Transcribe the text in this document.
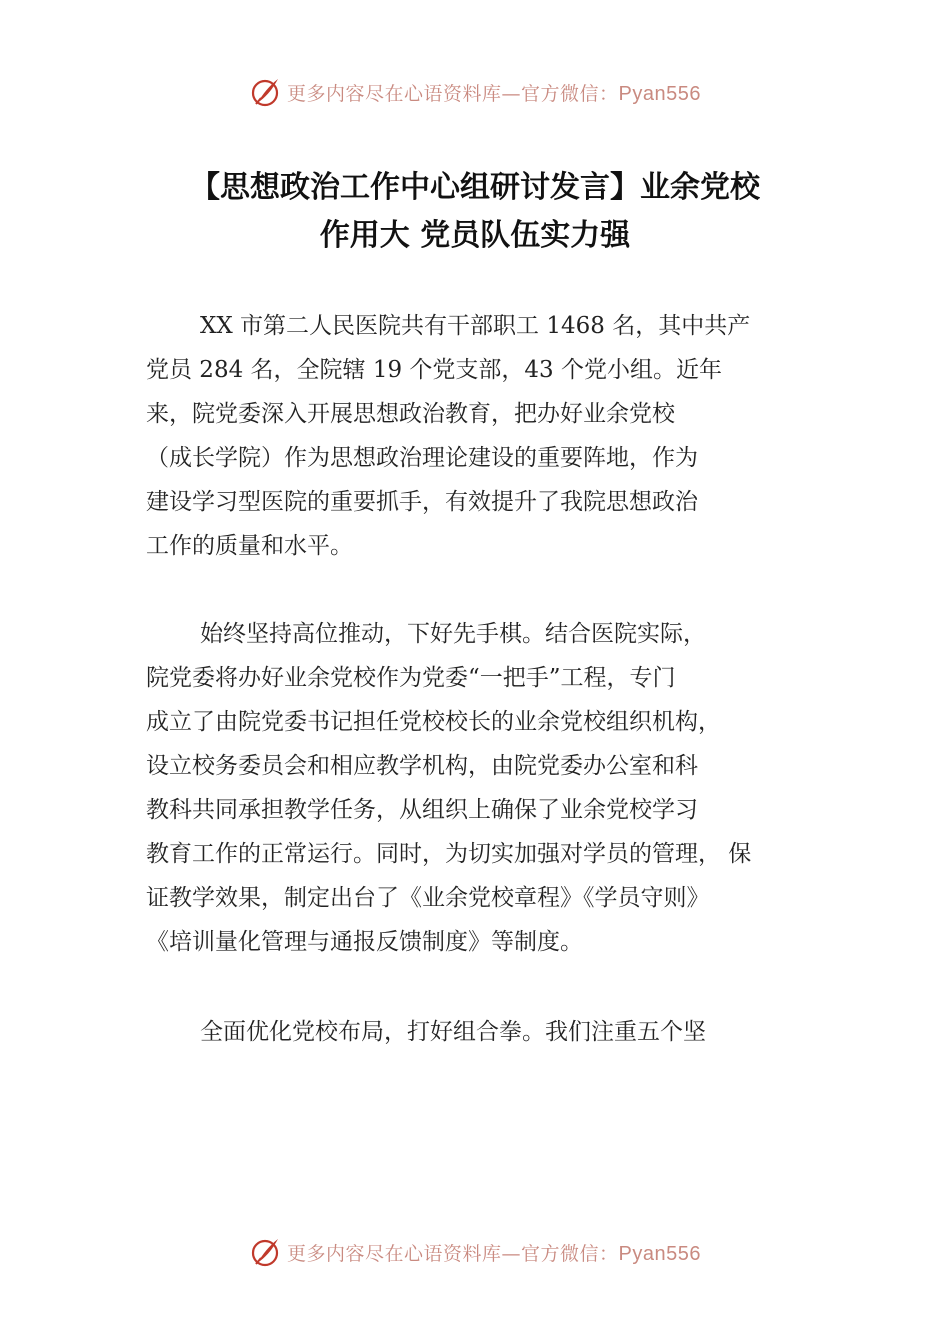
更多内容尽在心语资料库—官方微信：Pyan556
【思想政治工作中心组研讨发言】业余党校
作用大 党员队伍实力强
XX 市第二人民医院共有干部职工 1468 名，其中共产
党员 284 名，全院辖 19 个党支部，43 个党小组。近年
来，院党委深入开展思想政治教育，把办好业余党校
（成长学院）作为思想政治理论建设的重要阵地，作为
建设学习型医院的重要抓手，有效提升了我院思想政治
工作的质量和水平。
始终坚持高位推动，下好先手棋。结合医院实际，
院党委将办好业余党校作为党委“一把手”工程，专门
成立了由院党委书记担任党校校长的业余党校组织机构，
设立校务委员会和相应教学机构，由院党委办公室和科
教科共同承担教学任务，从组织上确保了业余党校学习
教育工作的正常运行。同时，为切实加强对学员的管理， 保
证教学效果，制定出台了《业余党校章程》《学员守则》
《培训量化管理与通报反馈制度》等制度。
全面优化党校布局，打好组合拳。我们注重五个坚
更多内容尽在心语资料库—官方微信：Pyan556
